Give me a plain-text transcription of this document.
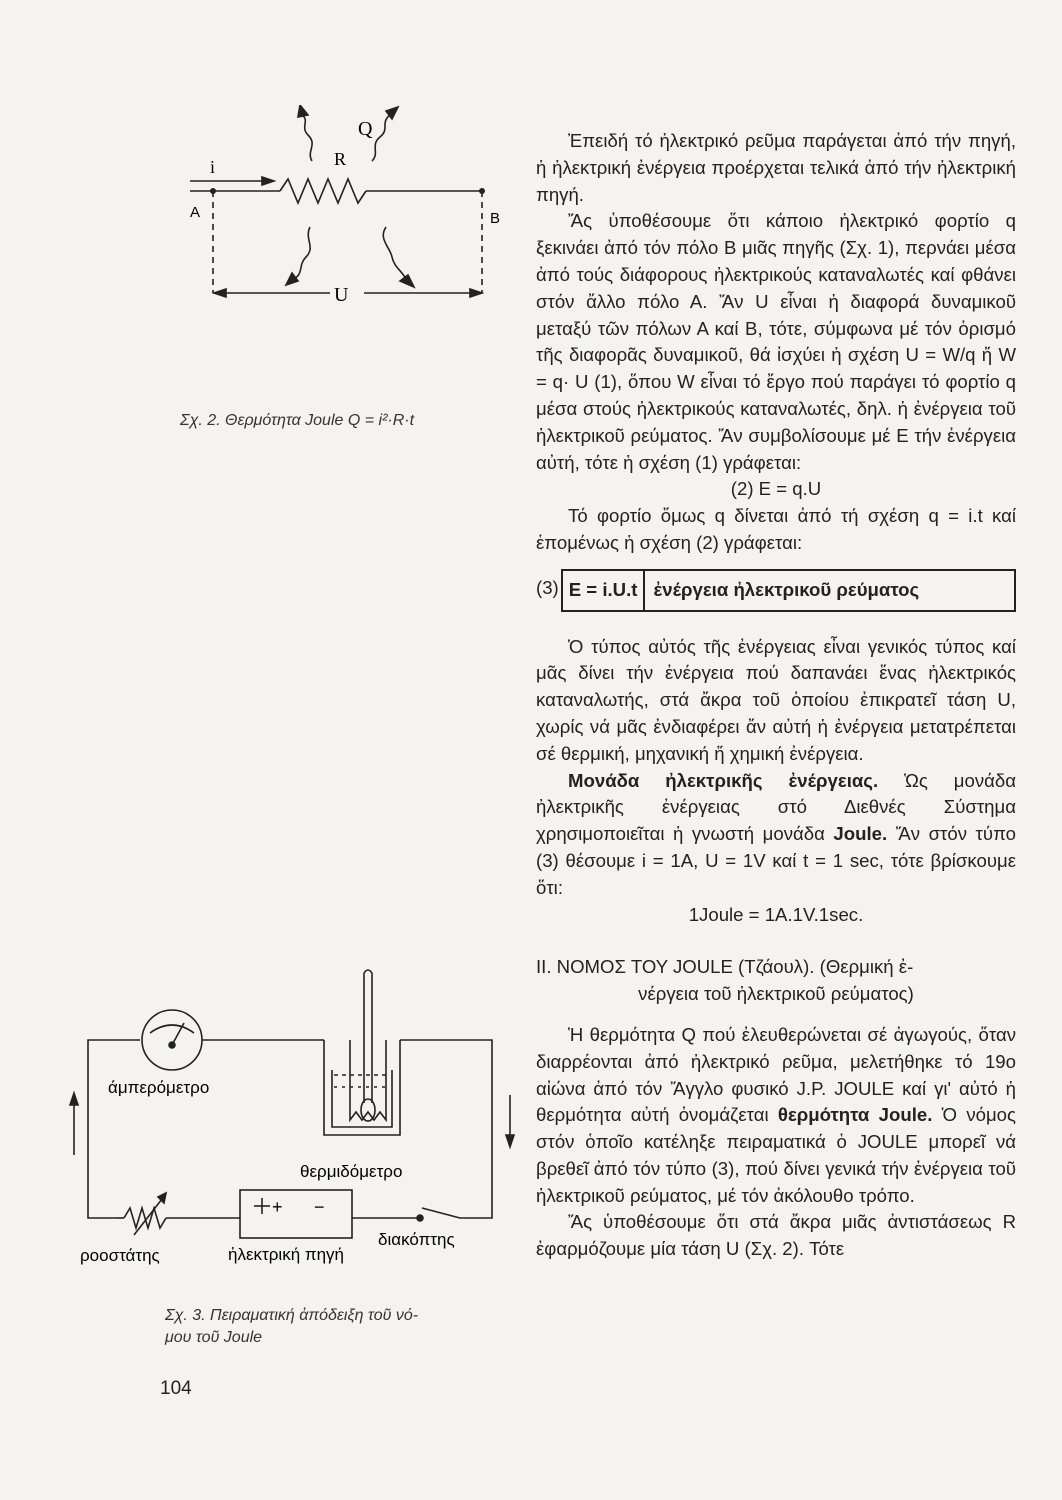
i	R
Q
A	B
U
Σχ. 2. Θερμότητα Joule Q = i²·R·t
άμπερόμετρο
θερμιδόμετρο
ροοστάτης
διακόπτης
ἠλεκτρική πηγή
+ −
Σχ. 3. Πειραματική ἀπόδειξη τοῦ νό-
μου τοῦ Joule
104

Ἐπειδή τό ἠλεκτρικό ρεῦμα παράγεται ἀπό τήν πηγή, ἡ ἠλεκτρική ἐνέργεια προέρχεται τελικά ἀπό τήν ἠλεκτρική πηγή.

Ἄς ὑποθέσουμε ὅτι κάποιο ἠλεκτρικό φορτίο q ξεκινάει ἀπό τόν πόλο Β μιᾶς πηγῆς (Σχ. 1), περνάει μέσα ἀπό τούς διάφορους ἠλεκτρικούς καταναλωτές καί φθάνει στόν ἄλλο πόλο Α. Ἄν U εἶναι ἡ διαφορά δυναμικοῦ μεταξύ τῶν πόλων Α καί Β, τότε, σύμφωνα μέ τόν ὁρισμό τῆς διαφορᾶς δυναμικοῦ, θά ἰσχύει ἡ σχέση U = W/q ἤ W = q· U (1), ὅπου W εἶναι τό ἔργο πού παράγει τό φορτίο q μέσα στούς ἠλεκτρικούς καταναλωτές, δηλ. ἡ ἐνέργεια τοῦ ἠλεκτρικοῦ ρεύματος. Ἄν συμβολίσουμε μέ Ε τήν ἐνέργεια αὐτή, τότε ἡ σχέση (1) γράφεται:

(2) E = q.U

Τό φορτίο ὅμως q δίνεται ἀπό τή σχέση q = i.t καί ἑπομένως ἡ σχέση (2) γράφεται:

(3) E = i.U.t ἐνέργεια ἠλεκτρικοῦ ρεύματος

Ὁ τύπος αὐτός τῆς ἐνέργειας εἶναι γενικός τύπος καί μᾶς δίνει τήν ἐνέργεια πού δαπανάει ἕνας ἠλεκτρικός καταναλωτής, στά ἄκρα τοῦ ὁποίου ἐπικρατεῖ τάση U, χωρίς νά μᾶς ἐνδιαφέρει ἄν αὐτή ἡ ἐνέργεια μετατρέπεται σέ θερμική, μηχανική ἤ χημική ἐνέργεια.

Μονάδα ἠλεκτρικῆς ἐνέργειας. Ὡς μονάδα ἠλεκτρικῆς ἐνέργειας στό Διεθνές Σύστημα χρησιμοποιεῖται ἡ γνωστή μονάδα Joule. Ἄν στόν τύπο (3) θέσουμε i = 1A, U = 1V καί t = 1 sec, τότε βρίσκουμε ὅτι:

1Joule = 1A.1V.1sec.

II. ΝΟΜΟΣ ΤΟΥ JOULE (Τζάουλ). (Θερμική ἐ-

νέργεια τοῦ ἠλεκτρικοῦ ρεύματος)

Ἡ θερμότητα Q πού ἐλευθερώνεται σέ ἀγωγούς, ὅταν διαρρέονται ἀπό ἠλεκτρικό ρεῦμα, μελετήθηκε τό 19ο αἰώνα ἀπό τόν Ἄγγλο φυσικό J.P. JOULE καί γι' αὐτό ἡ θερμότητα αὐτή ὀνομάζεται θερμότητα Joule. Ὁ νόμος στόν ὁποῖο κατέληξε πειραματικά ὁ JOULE μπορεῖ νά βρεθεῖ ἀπό τόν τύπο (3), πού δίνει γενικά τήν ἐνέργεια τοῦ ἠλεκτρικοῦ ρεύματος, μέ τόν ἀκόλουθο τρόπο.

Ἄς ὑποθέσουμε ὅτι στά ἄκρα μιᾶς ἀντιστάσεως R ἐφαρμόζουμε μία τάση U (Σχ. 2). Τότε
